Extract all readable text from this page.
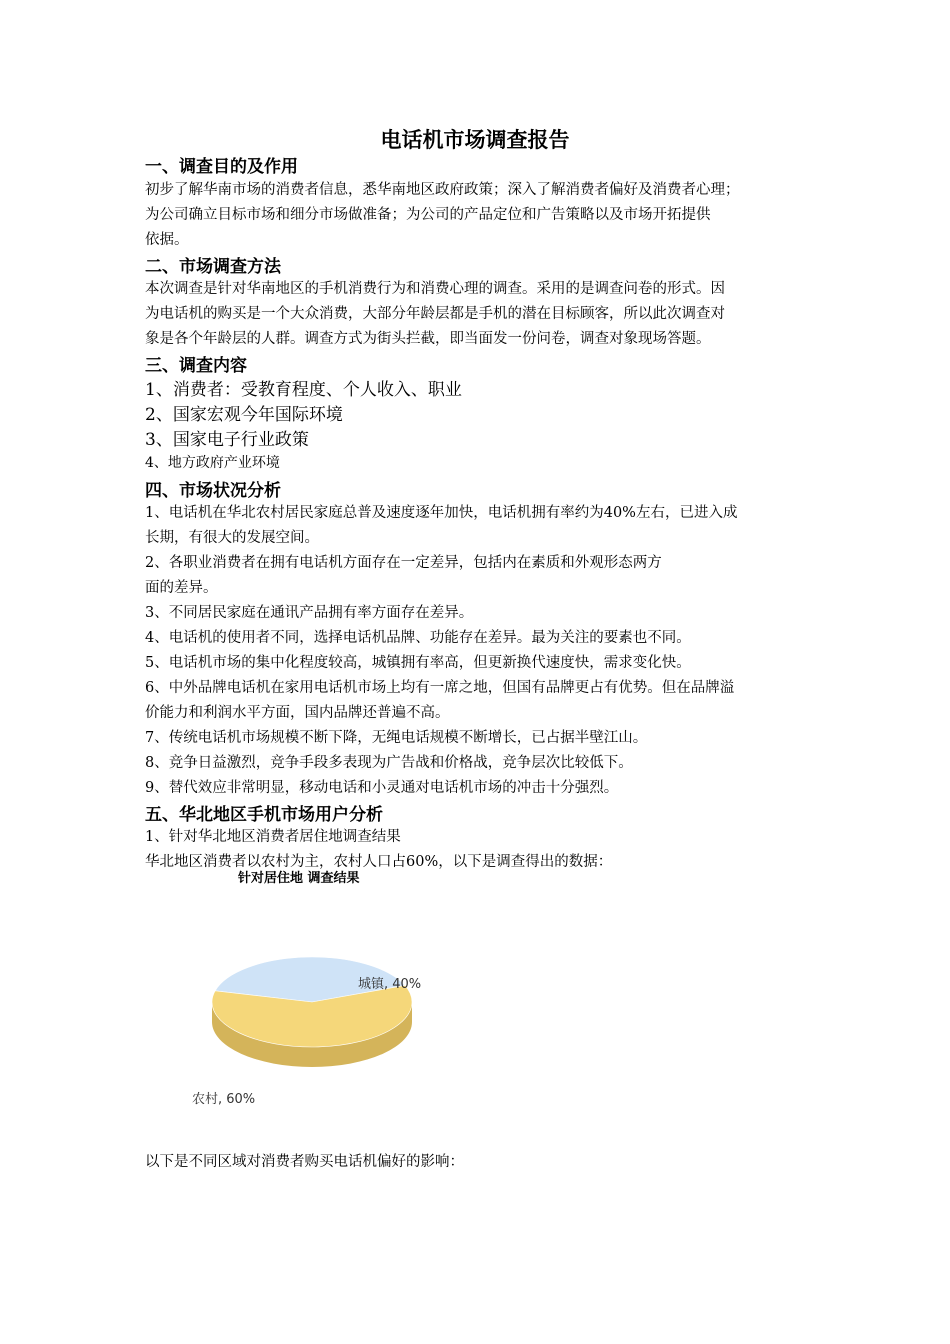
电话机市场调查报告
一、调查目的及作用
初步了解华南市场的消费者信息，悉华南地区政府政策；深入了解消费者偏好及消费者心理；
为公司确立目标市场和细分市场做准备；为公司的产品定位和广告策略以及市场开拓提供
依据。
二、市场调查方法
本次调查是针对华南地区的手机消费行为和消费心理的调查。采用的是调查问卷的形式。因
为电话机的购买是一个大众消费，大部分年龄层都是手机的潜在目标顾客，所以此次调查对
象是各个年龄层的人群。调查方式为街头拦截，即当面发一份问卷，调查对象现场答题。
三、调查内容
1、消费者：受教育程度、个人收入、职业
2、国家宏观今年国际环境
3、国家电子行业政策
4、地方政府产业环境
四、市场状况分析
1、电话机在华北农村居民家庭总普及速度逐年加快，电话机拥有率约为40%左右，已进入成
长期，有很大的发展空间。
2、各职业消费者在拥有电话机方面存在一定差异，包括内在素质和外观形态两方
面的差异。
3、不同居民家庭在通讯产品拥有率方面存在差异。
4、电话机的使用者不同，选择电话机品牌、功能存在差异。最为关注的要素也不同。
5、电话机市场的集中化程度较高，城镇拥有率高，但更新换代速度快，需求变化快。
6、中外品牌电话机在家用电话机市场上均有一席之地，但国有品牌更占有优势。但在品牌溢
价能力和利润水平方面，国内品牌还普遍不高。
7、传统电话机市场规模不断下降，无绳电话规模不断增长，已占据半壁江山。
8、竞争日益激烈，竞争手段多表现为广告战和价格战，竞争层次比较低下。
9、替代效应非常明显，移动电话和小灵通对电话机市场的冲击十分强烈。
五、华北地区手机市场用户分析
1、针对华北地区消费者居住地调查结果
华北地区消费者以农村为主，农村人口占60%，以下是调查得出的数据：
针对居住地 调查结果
城镇, 40%
农村, 60%
以下是不同区域对消费者购买电话机偏好的影响：
